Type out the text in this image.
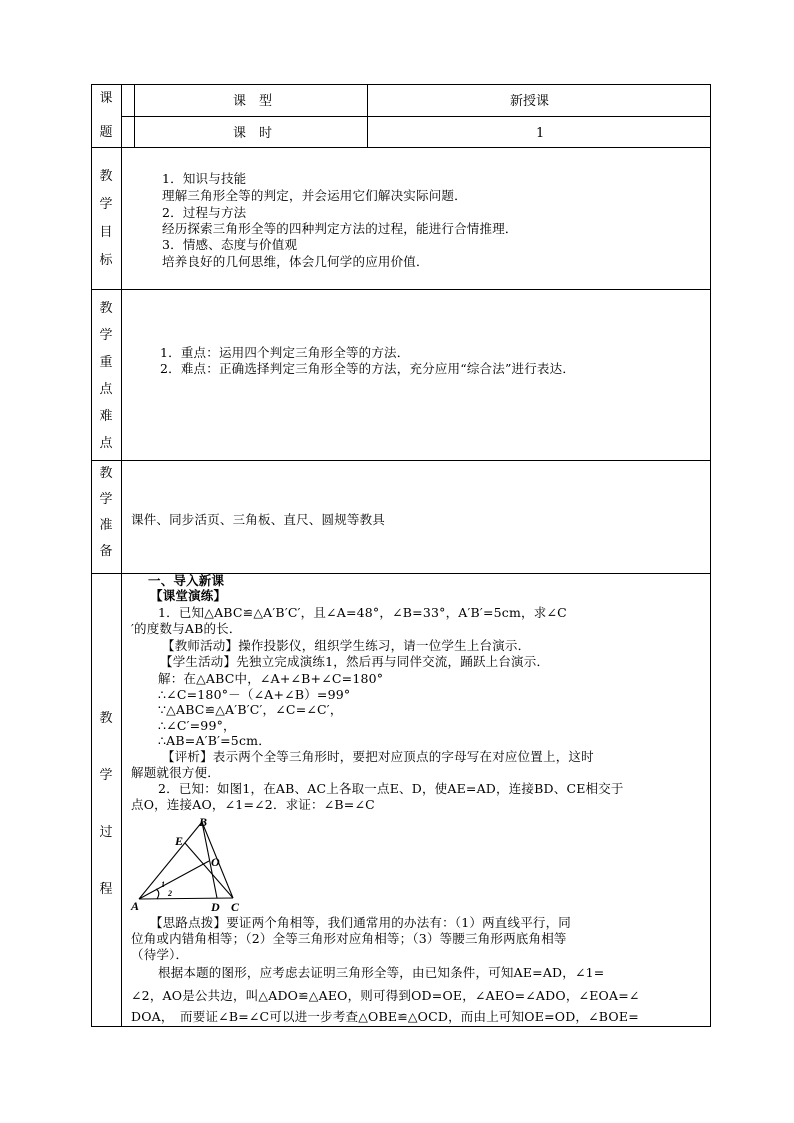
课
题
课　型	新授课
课　时	1
教
学
目
标
1．知识与技能
理解三角形全等的判定，并会运用它们解决实际问题．
2．过程与方法
经历探索三角形全等的四种判定方法的过程，能进行合情推理．
3．情感、态度与价值观
培养良好的几何思维，体会几何学的应用价值．
教
学
重
点
难
点
1．重点：运用四个判定三角形全等的方法．
2．难点：正确选择判定三角形全等的方法，充分应用“综合法”进行表达．
教
学
准
备
课件、同步活页、三角板、直尺、圆规等教具
教
学
过
程
一、导入新课
【课堂演练】
1．已知△ABC≌△A′B′C′，且∠A=48°，∠B=33°，A′B′=5cm，求∠C
′的度数与AB的长．
【教师活动】操作投影仪，组织学生练习，请一位学生上台演示．
【学生活动】先独立完成演练1，然后再与同伴交流，踊跃上台演示．
解：在△ABC中，∠A+∠B+∠C=180°
∴∠C=180°－（∠A+∠B）=99°
∵△ABC≌△A′B′C′，∠C=∠C′，
∴∠C′=99°，
∴AB=A′B′=5cm．
【评析】表示两个全等三角形时，要把对应顶点的字母写在对应位置上，这时
解题就很方便．
2．已知：如图1，在AB、AC上各取一点E、D，使AE=AD，连接BD、CE相交于
点O，连接AO，∠1=∠2．求证：∠B=∠C
B
E
O
A	D C
1
2
【思路点拨】要证两个角相等，我们通常用的办法有：（1）两直线平行，同
位角或内错角相等；（2）全等三角形对应角相等；（3）等腰三角形两底角相等
（待学）．
根据本题的图形，应考虑去证明三角形全等，由已知条件，可知AE=AD，∠1=
∠2，AO是公共边，叫△ADO≌△AEO，则可得到OD=OE，∠AEO=∠ADO，∠EOA=∠
DOA，　而要证∠B=∠C可以进一步考查△OBE≌△OCD，而由上可知OE=OD，∠BOE=
